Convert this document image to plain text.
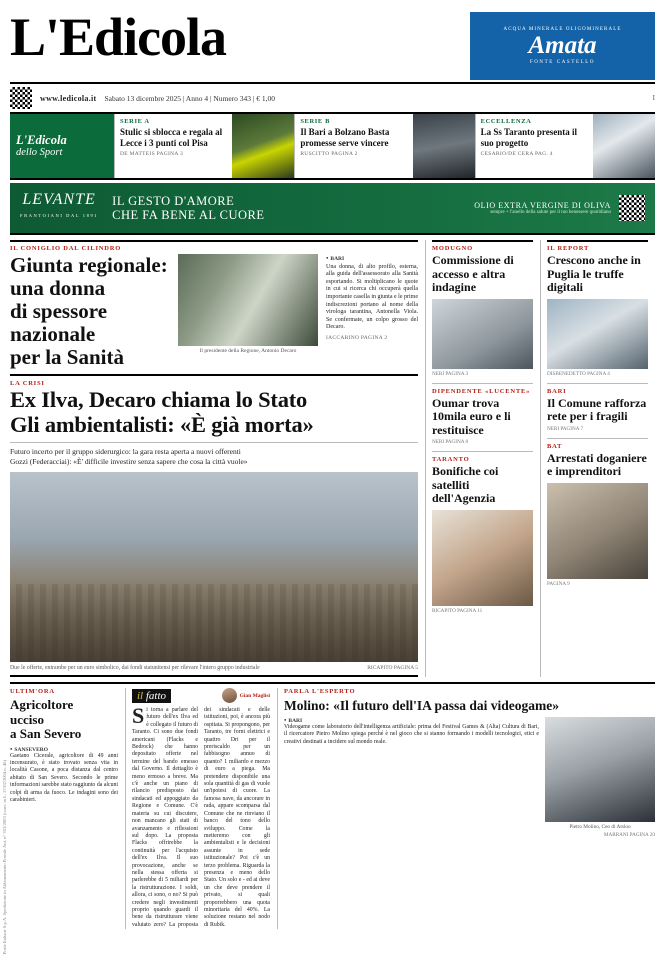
L'Edicola	ACQUA MINERALE OLIGOMINERALE
Amata
FONTE CASTELLO
www.ledicola.it Sabato 13 dicembre 2025 | Anno 4 | Numero 343 | € 1,00	I
L'Edicola
dello Sport
SERIE A
Stulic si sblocca e regala al Lecce i 3 punti col Pisa
DE MATTEIS PAGINA 3
SERIE B
Il Bari a Bolzano Basta promesse serve vincere
RUSCITTO PAGINA 2
ECCELLENZA
La Ss Taranto presenta il suo progetto
CESARIO/DE CERA PAG. 4
LEVANTE
FRANTOIANI DAL 1891
IL GESTO D'AMORE
CHE FA BENE AL CUORE
OLIO EXTRA VERGINE DI OLIVA
sempre + l'anello della salute per il tuo benessere quotidiano
IL CONIGLIO DAL CILINDRO
Giunta regionale:
una donna
di spessore
nazionale
per la Sanità	Il presidente della Regione, Antonio Decaro
● BARI
Una donna, di alto profilo, esterna, alla guida dell'assessorato alla Sanità esportando. Si moltiplicano le quote in cui si ricerca chi occuperà quella importante casella in giunta e le prime indiscrezioni portano al nome della virologa tarantina, Antonella Viola. Se confermate, un colpo grosso del Decaro.
IACCARINO PAGINA 2
LA CRISI
Ex Ilva, Decaro chiama lo Stato
Gli ambientalisti: «È già morta»
Futuro incerto per il gruppo siderurgico: la gara resta aperta a nuovi offerenti
Gozzi (Federacciai): «È' difficile investire senza sapere che cosa la città vuole»
Due le offerte, entrambe per un euro simbolico, dai fondi statunitensi per rilevare l'intero gruppo industriale	RICAPITO PAGINA 5
MODUGNO
Commissione di accesso e altra indagine
NERI PAGINA 3
DIPENDENTE «LUCENTE»
Oumar trova 10mila euro e li restituisce
NERI PAGINA 8
TARANTO
Bonifiche coi satelliti dell'Agenzia
RICAPITO PAGINA 11
IL REPORT
Crescono anche in Puglia le truffe digitali
DISBENEDETTO PAGINA 4
BARI
Il Comune rafforza rete per i fragili
NERI PAGINA 7
BAT
Arrestati doganiere e imprenditori
PAGINA 9
ULTIM'ORA
Agricoltore
ucciso
a San Severo
● SANSEVERO
Gaetano Cicerale, agricoltore di 49 anni incensurato, è stato trovato senza vita in località Casone, a poca distanza dal centro abitato di San Severo. Secondo le prime informazioni sarebbe stato raggiunto da alcuni colpi di arma da fuoco. Le indagini sono dei carabinieri.
il fatto	Gian Maglisi
Si torna a parlare del futuro dell'ex Ilva ed è collegato il futuro di Taranto. Ci sono due fondi americani (Flacks e Bedrock) che hanno depositato offerte nel termine del bando emesso dal Governo. Il dettaglio è meno ermoso a breve. Ma c'è anche un piano di rilancio predisposto dai sindacati ed appoggiato da Regione e Comune. C'è materia su cui discutere, non mancano gli stati di avanzamento e riflessioni sul dopo. La proposta Flacks offrirebbe la continuità per l'acquisto dell'ex Ilva. Il suo provocazione, anche se nella stessa offerta si parlerebbe di 5 miliardi per la ristrutturazione. I soldi, allora, ci sono, o no? Si può credere negli investimenti proprio quando guardi il bene da ristrutturare viene valutato zero? La proposta dei sindacati e delle istituzioni, poi, è ancora più ospitata. Si propongono, per Taranto, tre forni elettrici e quattro Dri per il preriscaldo per un fabbisogno annuo di quanto? 1 miliardo e mezzo di euro a piega. Ma pretendere disponibile una sola quantità di gas di vuole un'ipotesi di cuore. La famosa nave, da ancorare in rada, appare scomparsa dal Comune che ne rinviano il banco del tono dello sviluppo. Come la metteremo con gli ambientalisti e le decisioni assunte in sede istituzionale? Poi c'è un terzo problema. Riguarda la presenza e meno dello Stato. Un solo e - ed ai deve un che deve prendere il privato, si quali proporrebbero una quota minoritaria del 40%. La soluzione restano nel nodo di Rubik.
PARLA L'ESPERTO
Molino: «Il futuro dell'IA passa dai videogame»
● BARI
Videogame come laboratorio dell'intelligenza artificiale: prima del Festival Games & (Alta) Cultura di Bari, il ricercatore Pietro Molino spiega perché è nel gioco che si stanno formando i modelli tecnologici, etici e creativi destinati a incidere sul mondo reale.
Pietro Molino, Ceo di Atsloo
MARRANI PAGINA 20
Poste Italiane S.p.A. Spedizione in Abbonamento Postale Aut. n° 353/2003 (conv. in L. 27/02/2004 n. 46)
